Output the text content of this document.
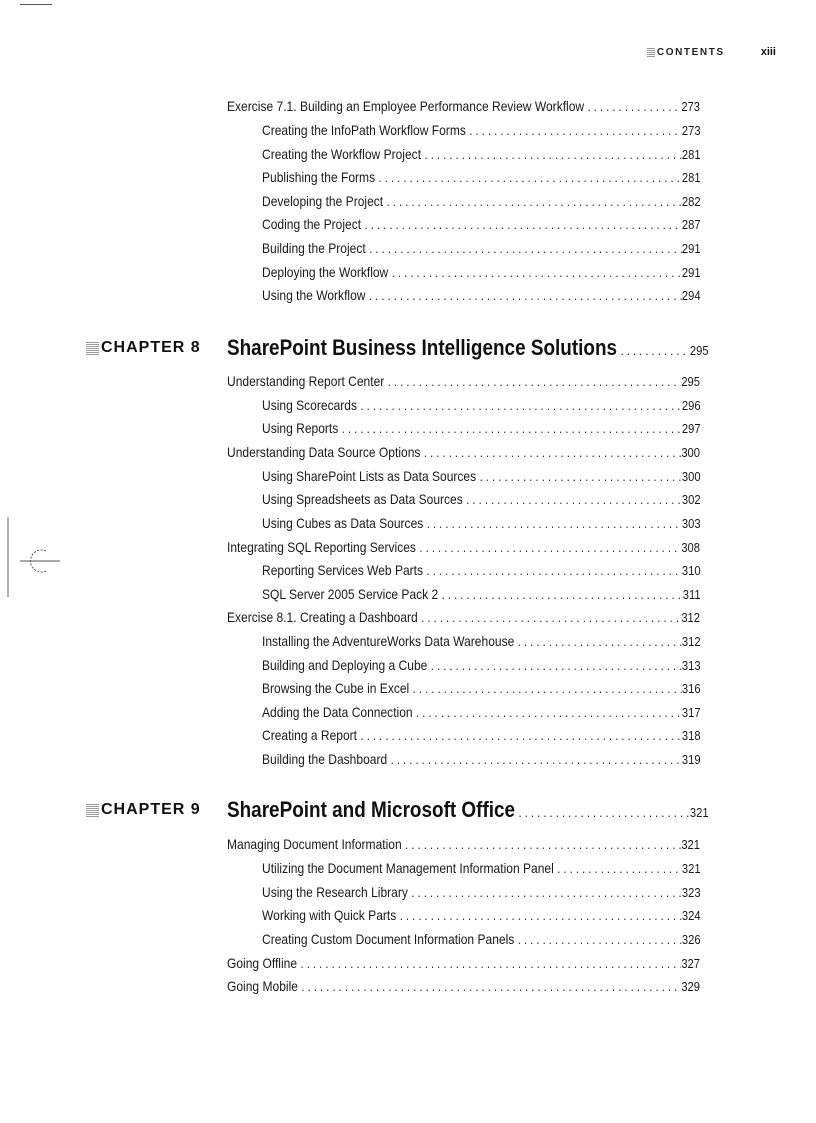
CONTENTS	xiii
Exercise 7.1. Building an Employee Performance Review Workflow . . .	273
Creating the InfoPath Workflow Forms . . .	273
Creating the Workflow Project . . .	281
Publishing the Forms . . .	281
Developing the Project . . .	282
Coding the Project . . .	287
Building the Project . . .	291
Deploying the Workflow . . .	291
Using the Workflow . . .	294
CHAPTER 8 SharePoint Business Intelligence Solutions . . .	295
Understanding Report Center . . .	295
Using Scorecards . . .	296
Using Reports . . .	297
Understanding Data Source Options . . .	300
Using SharePoint Lists as Data Sources . . .	300
Using Spreadsheets as Data Sources . . .	302
Using Cubes as Data Sources . . .	303
Integrating SQL Reporting Services . . .	308
Reporting Services Web Parts . . .	310
SQL Server 2005 Service Pack 2 . . .	311
Exercise 8.1. Creating a Dashboard . . .	312
Installing the AdventureWorks Data Warehouse . . .	312
Building and Deploying a Cube . . .	313
Browsing the Cube in Excel . . .	316
Adding the Data Connection . . .	317
Creating a Report . . .	318
Building the Dashboard . . .	319
CHAPTER 9 SharePoint and Microsoft Office . . .	321
Managing Document Information . . .	321
Utilizing the Document Management Information Panel . . .	321
Using the Research Library . . .	323
Working with Quick Parts . . .	324
Creating Custom Document Information Panels . . .	326
Going Offline . . .	327
Going Mobile . . .	329
